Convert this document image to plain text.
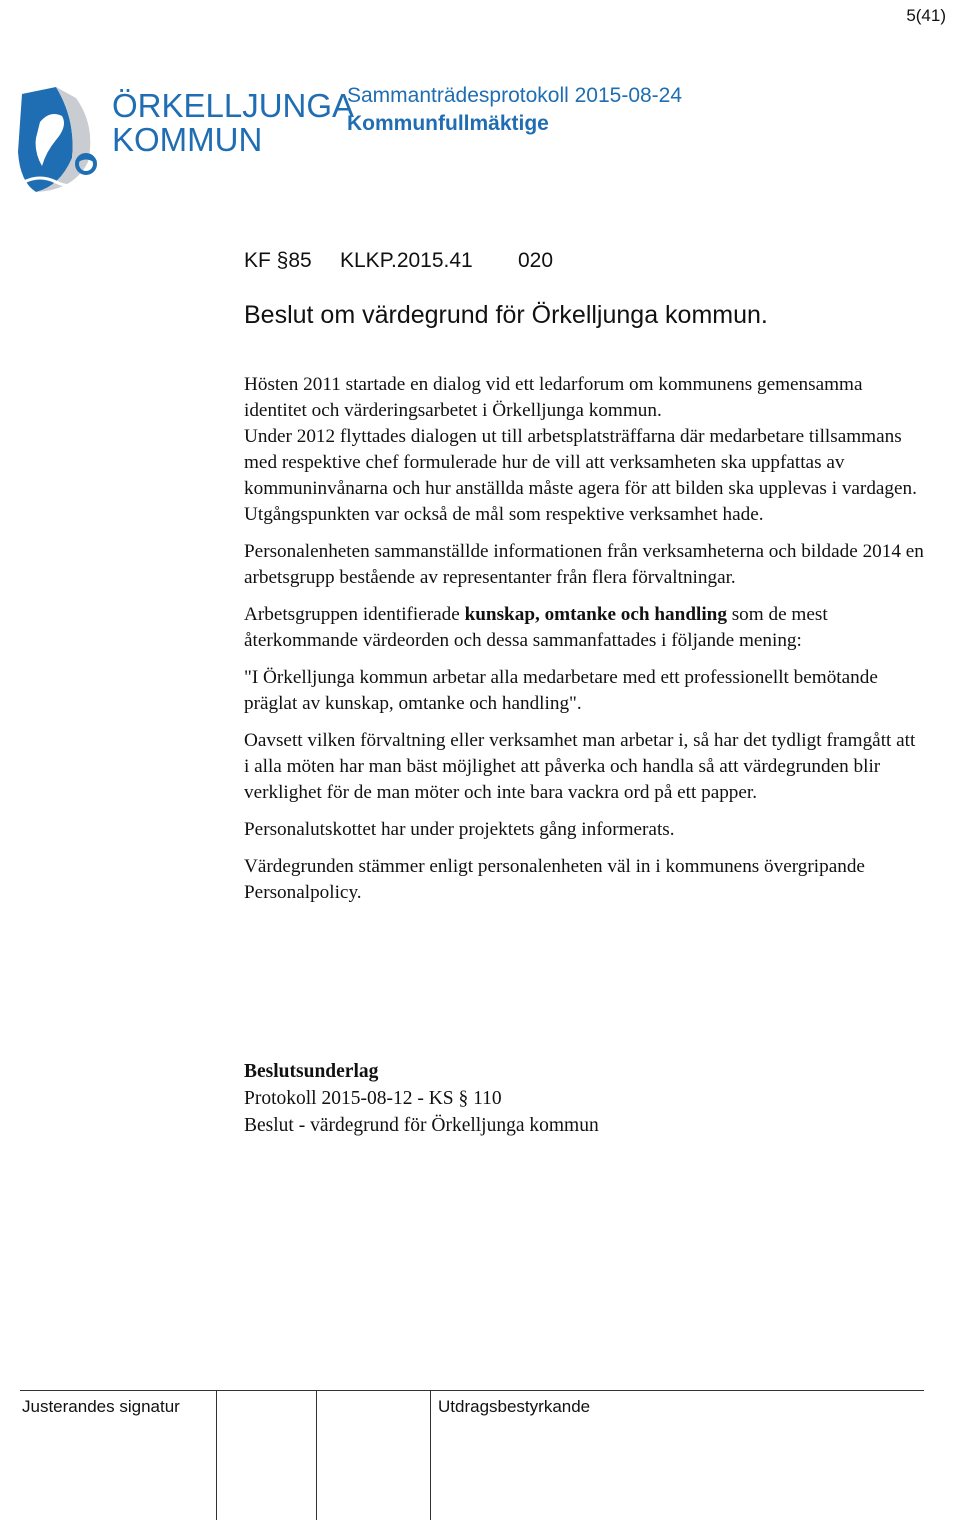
5(41)
ÖRKELLJUNGA
KOMMUN
Sammanträdesprotokoll 2015-08-24
Kommunfullmäktige
KF §85 KLKP.2015.41 020
Beslut om värdegrund för Örkelljunga kommun.

Hösten 2011 startade en dialog vid ett ledarforum om kommunens gemensamma identitet och värderingsarbetet i Örkelljunga kommun.

Under 2012 flyttades dialogen ut till arbetsplatsträffarna där medarbetare tillsammans med respektive chef formulerade hur de vill att verksamheten ska uppfattas av kommuninvånarna och hur anställda måste agera för att bilden ska upplevas i vardagen. Utgångspunkten var också de mål som respektive verksamhet hade.

Personalenheten sammanställde informationen från verksamheterna och bildade 2014 en arbetsgrupp bestående av representanter från flera förvaltningar.

Arbetsgruppen identifierade kunskap, omtanke och handling som de mest återkommande värdeorden och dessa sammanfattades i följande mening:

"I Örkelljunga kommun arbetar alla medarbetare med ett professionellt bemötande präglat av kunskap, omtanke och handling".

Oavsett vilken förvaltning eller verksamhet man arbetar i, så har det tydligt framgått att i alla möten har man bäst möjlighet att påverka och handla så att värdegrunden blir verklighet för de man möter och inte bara vackra ord på ett papper.

Personalutskottet har under projektets gång informerats.

Värdegrunden stämmer enligt personalenheten väl in i kommunens övergripande Personalpolicy.

Beslutsunderlag
Protokoll 2015-08-12 - KS § 110
Beslut - värdegrund för Örkelljunga kommun
Justerandes signatur	Utdragsbestyrkande
